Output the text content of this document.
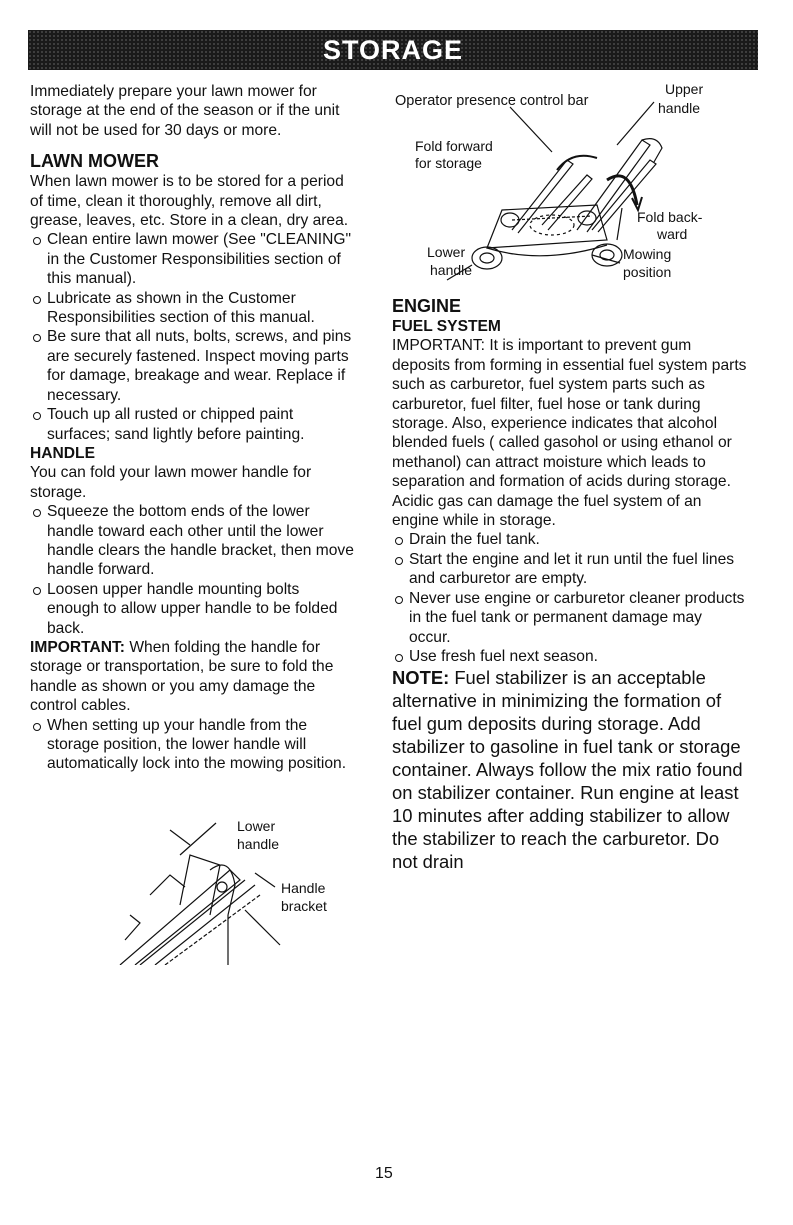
STORAGE

Immediately prepare your lawn mower for storage at the end of the season or if the unit will not be used for 30 days or more.

LAWN MOWER

When lawn mower is to be stored for a period of time, clean it thoroughly, remove all dirt, grease, leaves, etc. Store in a clean, dry area.

Clean entire lawn mower (See "CLEANING" in the Customer Responsibilities section of this manual).
Lubricate as shown in the Customer Responsibilities section of this manual.
Be sure that all nuts, bolts, screws, and pins are securely fastened. Inspect moving parts for damage, breakage and wear. Replace if necessary.
Touch up all rusted or chipped paint surfaces; sand lightly before painting.
HANDLE

You can fold your lawn mower handle for storage.

Squeeze the bottom ends of the lower handle toward each other until the lower handle clears the handle bracket, then move handle forward.
Loosen upper handle mounting bolts enough to allow upper handle to be folded back.

IMPORTANT: When folding the handle for storage or transportation, be sure to fold the handle as shown or you amy damage the control cables.

When setting up your handle from the storage position, the lower handle will automatically lock into the mowing position.
Operator presence control bar
Upper
handle
Fold forward
for storage
Fold back-
ward
Lower
handle
Mowing
position
Lower
handle
Handle
bracket
ENGINE
FUEL SYSTEM

IMPORTANT: It is important to prevent gum deposits from forming in essential fuel system parts such as carburetor, fuel system parts such as carburetor, fuel filter, fuel hose or tank during storage. Also, experience indicates that alcohol blended fuels ( called gasohol or using ethanol or methanol) can attract moisture which leads to separation and formation of acids during storage. Acidic gas can damage the fuel system of an engine while in storage.

Drain the fuel tank.
Start the engine and let it run until the fuel lines and carburetor are empty.
Never use engine or carburetor cleaner products in the fuel tank or permanent damage may occur.
Use fresh fuel next season.

NOTE: Fuel stabilizer is an acceptable alternative in minimizing the formation of fuel gum deposits during storage. Add stabilizer to gasoline in fuel tank or storage container. Always follow the mix ratio found on stabilizer container. Run engine at least 10 minutes after adding stabilizer to allow the stabilizer to reach the carburetor. Do not drain

15
